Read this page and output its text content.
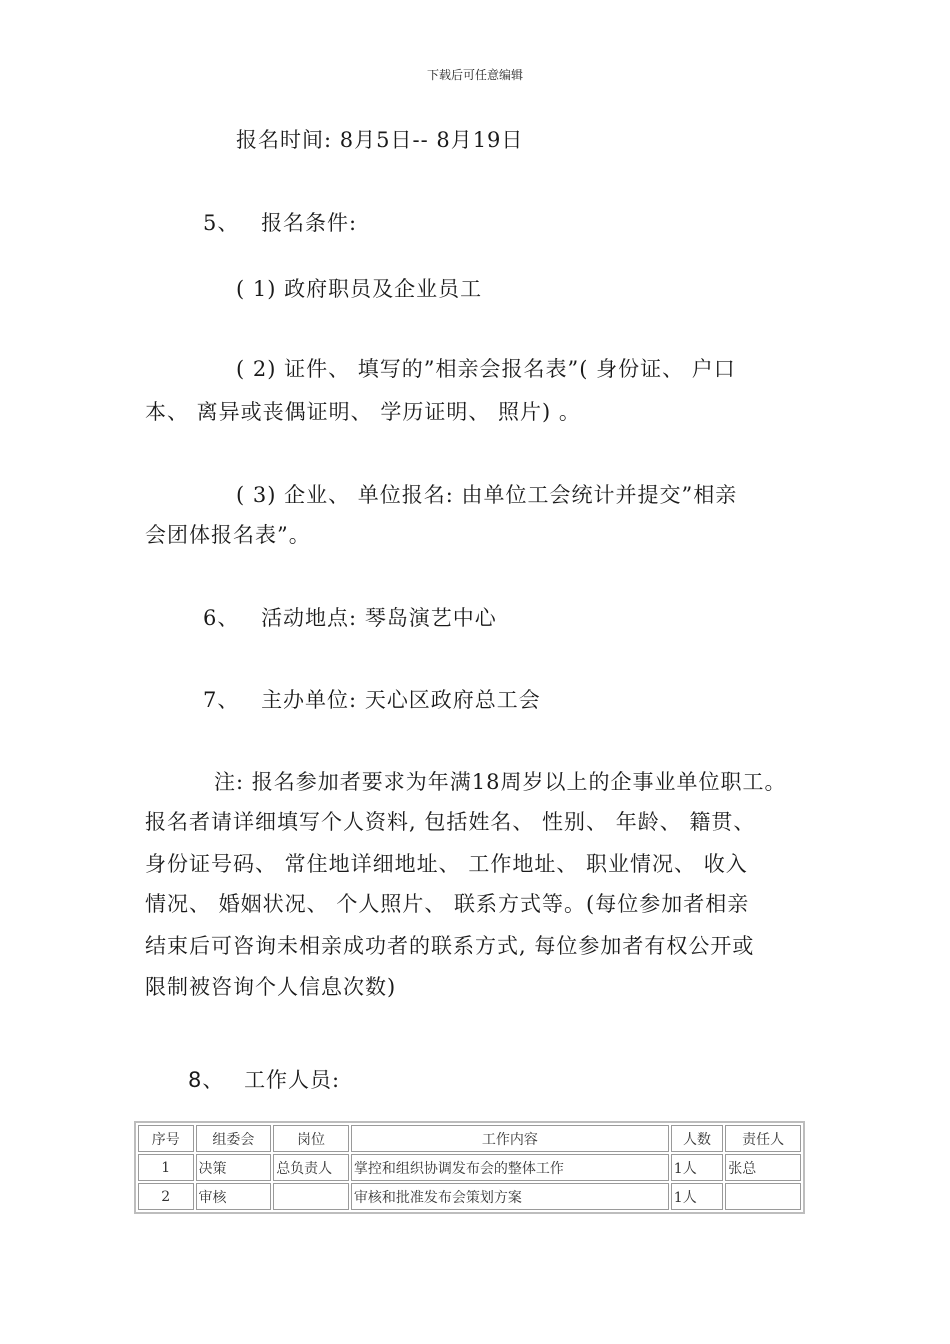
下载后可任意编辑
报名时间: 8月5日-- 8月19日
5、 报名条件:
( 1) 政府职员及企业员工
( 2) 证件、 填写的”相亲会报名表”( 身份证、 户口
本、 离异或丧偶证明、 学历证明、 照片) 。
( 3) 企业、 单位报名: 由单位工会统计并提交”相亲
会团体报名表”。
6、 活动地点: 琴岛演艺中心
7、 主办单位: 天心区政府总工会
注: 报名参加者要求为年满18周岁以上的企事业单位职工。
报名者请详细填写个人资料, 包括姓名、 性别、 年龄、 籍贯、
身份证号码、 常住地详细地址、 工作地址、 职业情况、 收入
情况、 婚姻状况、 个人照片、 联系方式等。(每位参加者相亲
结束后可咨询未相亲成功者的联系方式, 每位参加者有权公开或
限制被咨询个人信息次数)
8、 工作人员:
序号	组委会	岗位	工作内容	人数	责任人
1	决策	总负责人	掌控和组织协调发布会的整体工作	1人	张总
2	审核		审核和批准发布会策划方案	1人	
